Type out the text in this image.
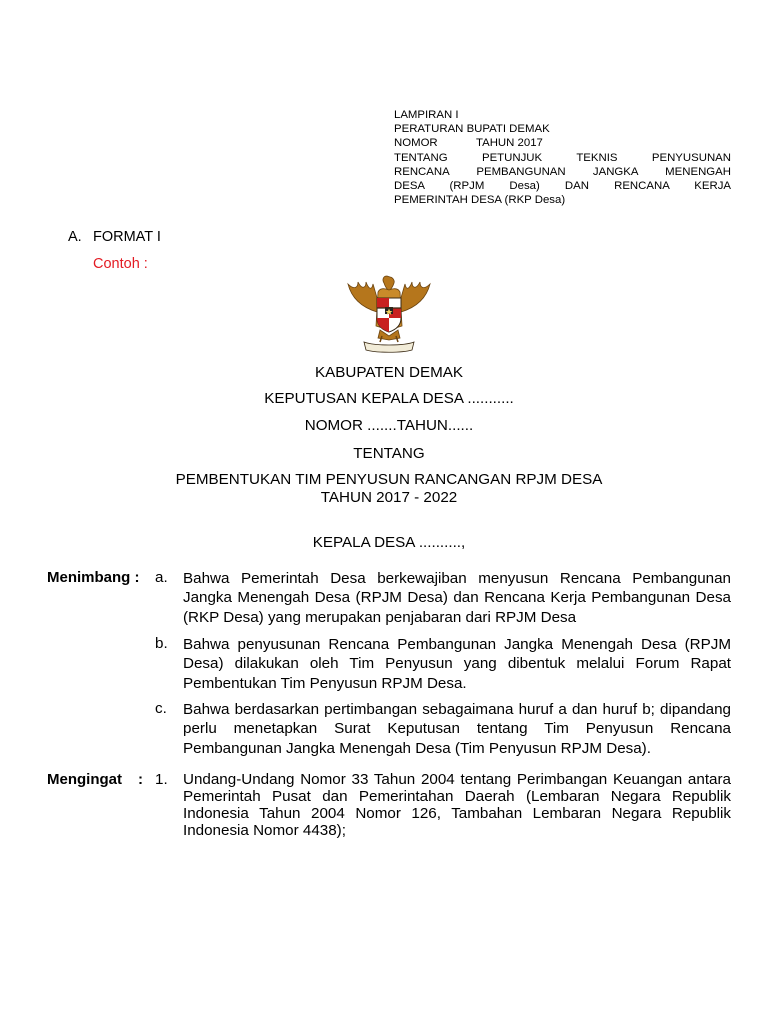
LAMPIRAN I
PERATURAN BUPATI DEMAK
NOMOR	TAHUN 2017
TENTANG PETUNJUK TEKNIS PENYUSUNAN
RENCANA PEMBANGUNAN JANGKA MENENGAH
DESA (RPJM Desa) DAN RENCANA KERJA
PEMERINTAH DESA (RKP Desa)
A. FORMAT I
Contoh :
KABUPATEN DEMAK
KEPUTUSAN KEPALA DESA ...........
NOMOR .......TAHUN......
TENTANG
PEMBENTUKAN TIM PENYUSUN RANCANGAN RPJM DESA
TAHUN 2017 - 2022
KEPALA DESA ..........,
Menimbang : a. Bahwa Pemerintah Desa berkewajiban menyusun Rencana Pembangunan Jangka Menengah Desa (RPJM Desa) dan Rencana Kerja Pembangunan Desa (RKP Desa) yang merupakan penjabaran dari RPJM Desa
b. Bahwa penyusunan Rencana Pembangunan Jangka Menengah Desa (RPJM Desa) dilakukan oleh Tim Penyusun yang dibentuk melalui Forum Rapat Pembentukan Tim Penyusun RPJM Desa.
c. Bahwa berdasarkan pertimbangan sebagaimana huruf a dan huruf b; dipandang perlu menetapkan Surat Keputusan tentang Tim Penyusun Rencana Pembangunan Jangka Menengah Desa (Tim Penyusun RPJM Desa).
Mengingat : 1. Undang-Undang Nomor 33 Tahun 2004 tentang Perimbangan Keuangan antara Pemerintah Pusat dan Pemerintahan Daerah (Lembaran Negara Republik Indonesia Tahun 2004 Nomor 126, Tambahan Lembaran Negara Republik Indonesia Nomor 4438);
